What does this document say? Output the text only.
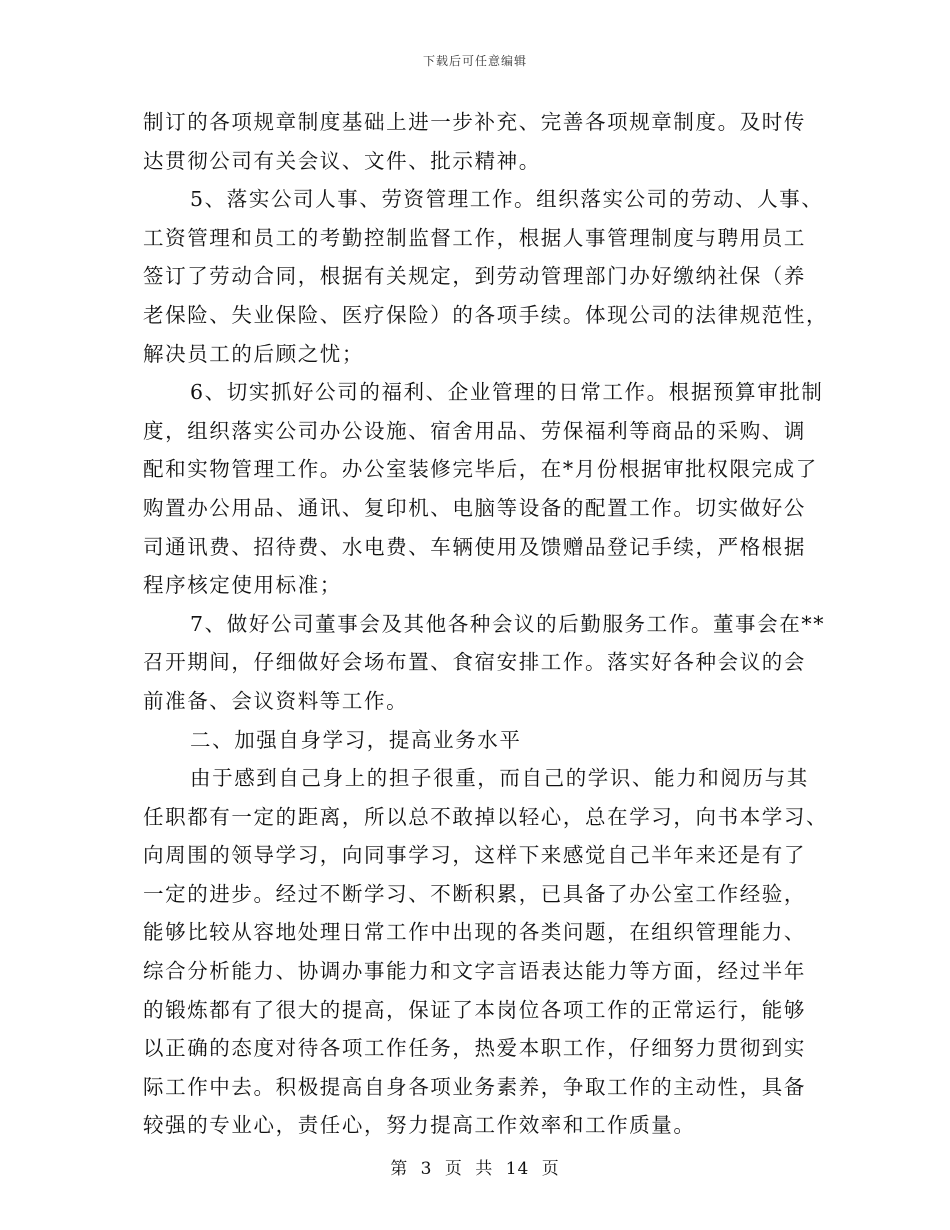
下载后可任意编辑
制订的各项规章制度基础上进一步补充、完善各项规章制度。及时传
达贯彻公司有关会议、文件、批示精神。
5、落实公司人事、劳资管理工作。组织落实公司的劳动、人事、
工资管理和员工的考勤控制监督工作，根据人事管理制度与聘用员工
签订了劳动合同，根据有关规定，到劳动管理部门办好缴纳社保（养
老保险、失业保险、医疗保险）的各项手续。体现公司的法律规范性，
解决员工的后顾之忧；
6、切实抓好公司的福利、企业管理的日常工作。根据预算审批制
度，组织落实公司办公设施、宿舍用品、劳保福利等商品的采购、调
配和实物管理工作。办公室装修完毕后，在*月份根据审批权限完成了
购置办公用品、通讯、复印机、电脑等设备的配置工作。切实做好公
司通讯费、招待费、水电费、车辆使用及馈赠品登记手续，严格根据
程序核定使用标准；
7、做好公司董事会及其他各种会议的后勤服务工作。董事会在**
召开期间，仔细做好会场布置、食宿安排工作。落实好各种会议的会
前准备、会议资料等工作。
二、加强自身学习，提高业务水平
由于感到自己身上的担子很重，而自己的学识、能力和阅历与其
任职都有一定的距离，所以总不敢掉以轻心，总在学习，向书本学习、
向周围的领导学习，向同事学习，这样下来感觉自己半年来还是有了
一定的进步。经过不断学习、不断积累，已具备了办公室工作经验，
能够比较从容地处理日常工作中出现的各类问题，在组织管理能力、
综合分析能力、协调办事能力和文字言语表达能力等方面，经过半年
的锻炼都有了很大的提高，保证了本岗位各项工作的正常运行，能够
以正确的态度对待各项工作任务，热爱本职工作，仔细努力贯彻到实
际工作中去。积极提高自身各项业务素养，争取工作的主动性，具备
较强的专业心，责任心，努力提高工作效率和工作质量。
第 3 页 共 14 页
